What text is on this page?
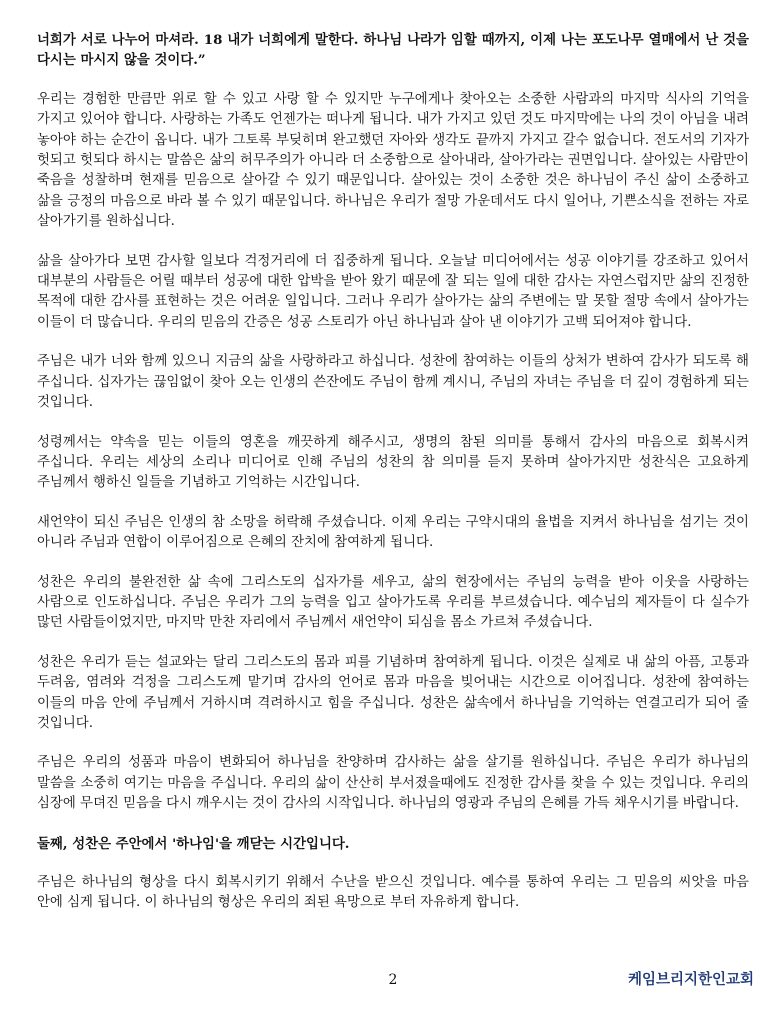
너희가 서로 나누어 마셔라. 18 내가 너희에게 말한다. 하나님 나라가 임할 때까지, 이제 나는 포도나무 열매에서 난 것을 다시는 마시지 않을 것이다.”

우리는 경험한 만큼만 위로 할 수 있고 사랑 할 수 있지만 누구에게나 찾아오는 소중한 사람과의 마지막 식사의 기억을 가지고 있어야 합니다. 사랑하는 가족도 언젠가는 떠나게 됩니다. 내가 가지고 있던 것도 마지막에는 나의 것이 아님을 내려 놓아야 하는 순간이 옵니다. 내가 그토록 부딪히며 완고했던 자아와 생각도 끝까지 가지고 갈수 없습니다. 전도서의 기자가 헛되고 헛되다 하시는 말씀은 삶의 허무주의가 아니라 더 소중함으로 살아내라, 살아가라는 권면입니다. 살아있는 사람만이 죽음을 성찰하며 현재를 믿음으로 살아갈 수 있기 때문입니다. 살아있는 것이 소중한 것은 하나님이 주신 삶이 소중하고 삶을 긍정의 마음으로 바라 볼 수 있기 때문입니다. 하나님은 우리가 절망 가운데서도 다시 일어나, 기쁜소식을 전하는 자로 살아가기를 원하십니다.

삶을 살아가다 보면 감사할 일보다 걱정거리에 더 집중하게 됩니다. 오늘날 미디어에서는 성공 이야기를 강조하고 있어서 대부분의 사람들은 어릴 때부터 성공에 대한 압박을 받아 왔기 때문에 잘 되는 일에 대한 감사는 자연스럽지만 삶의 진정한 목적에 대한 감사를 표현하는 것은 어려운 일입니다. 그러나 우리가 살아가는 삶의 주변에는 말 못할 절망 속에서 살아가는 이들이 더 많습니다. 우리의 믿음의 간증은 성공 스토리가 아닌 하나님과 살아 낸 이야기가 고백 되어져야 합니다.

주님은 내가 너와 함께 있으니 지금의 삶을 사랑하라고 하십니다. 성찬에 참여하는 이들의 상처가 변하여 감사가 되도록 해 주십니다. 십자가는 끊임없이 찾아 오는 인생의 쓴잔에도 주님이 함께 계시니, 주님의 자녀는 주님을 더 깊이 경험하게 되는 것입니다.

성령께서는 약속을 믿는 이들의 영혼을 깨끗하게 해주시고, 생명의 참된 의미를 통해서 감사의 마음으로 회복시켜 주십니다. 우리는 세상의 소리나 미디어로 인해 주님의 성찬의 참 의미를 듣지 못하며 살아가지만 성찬식은 고요하게 주님께서 행하신 일들을 기념하고 기억하는 시간입니다.

새언약이 되신 주님은 인생의 참 소망을 허락해 주셨습니다. 이제 우리는 구약시대의 율법을 지켜서 하나님을 섬기는 것이 아니라 주님과 연합이 이루어짐으로 은혜의 잔치에 참여하게 됩니다.

성찬은 우리의 불완전한 삶 속에 그리스도의 십자가를 세우고, 삶의 현장에서는 주님의 능력을 받아 이웃을 사랑하는 사람으로 인도하십니다. 주님은 우리가 그의 능력을 입고 살아가도록 우리를 부르셨습니다. 예수님의 제자들이 다 실수가 많던 사람들이었지만, 마지막 만찬 자리에서 주님께서 새언약이 되심을 몸소 가르쳐 주셨습니다.

성찬은 우리가 듣는 설교와는 달리 그리스도의 몸과 피를 기념하며 참여하게 됩니다. 이것은 실제로 내 삶의 아픔, 고통과 두려움, 염려와 걱정을 그리스도께 맡기며 감사의 언어로 몸과 마음을 빚어내는 시간으로 이어집니다. 성찬에 참여하는 이들의 마음 안에 주님께서 거하시며 격려하시고 힘을 주십니다. 성찬은 삶속에서 하나님을 기억하는 연결고리가 되어 줄 것입니다.

주님은 우리의 성품과 마음이 변화되어 하나님을 찬양하며 감사하는 삶을 살기를 원하십니다. 주님은 우리가 하나님의 말씀을 소중히 여기는 마음을 주십니다. 우리의 삶이 산산히 부서졌을때에도 진정한 감사를 찾을 수 있는 것입니다. 우리의 심장에 무뎌진 믿음을 다시 깨우시는 것이 감사의 시작입니다. 하나님의 영광과 주님의 은혜를 가득 채우시기를 바랍니다.

둘째, 성찬은 주안에서 '하나임'을 깨닫는 시간입니다.

주님은 하나님의 형상을 다시 회복시키기 위해서 수난을 받으신 것입니다. 예수를 통하여 우리는 그 믿음의 씨앗을 마음 안에 심게 됩니다. 이 하나님의 형상은 우리의 죄된 욕망으로 부터 자유하게 합니다.

2	케임브리지한인교회
